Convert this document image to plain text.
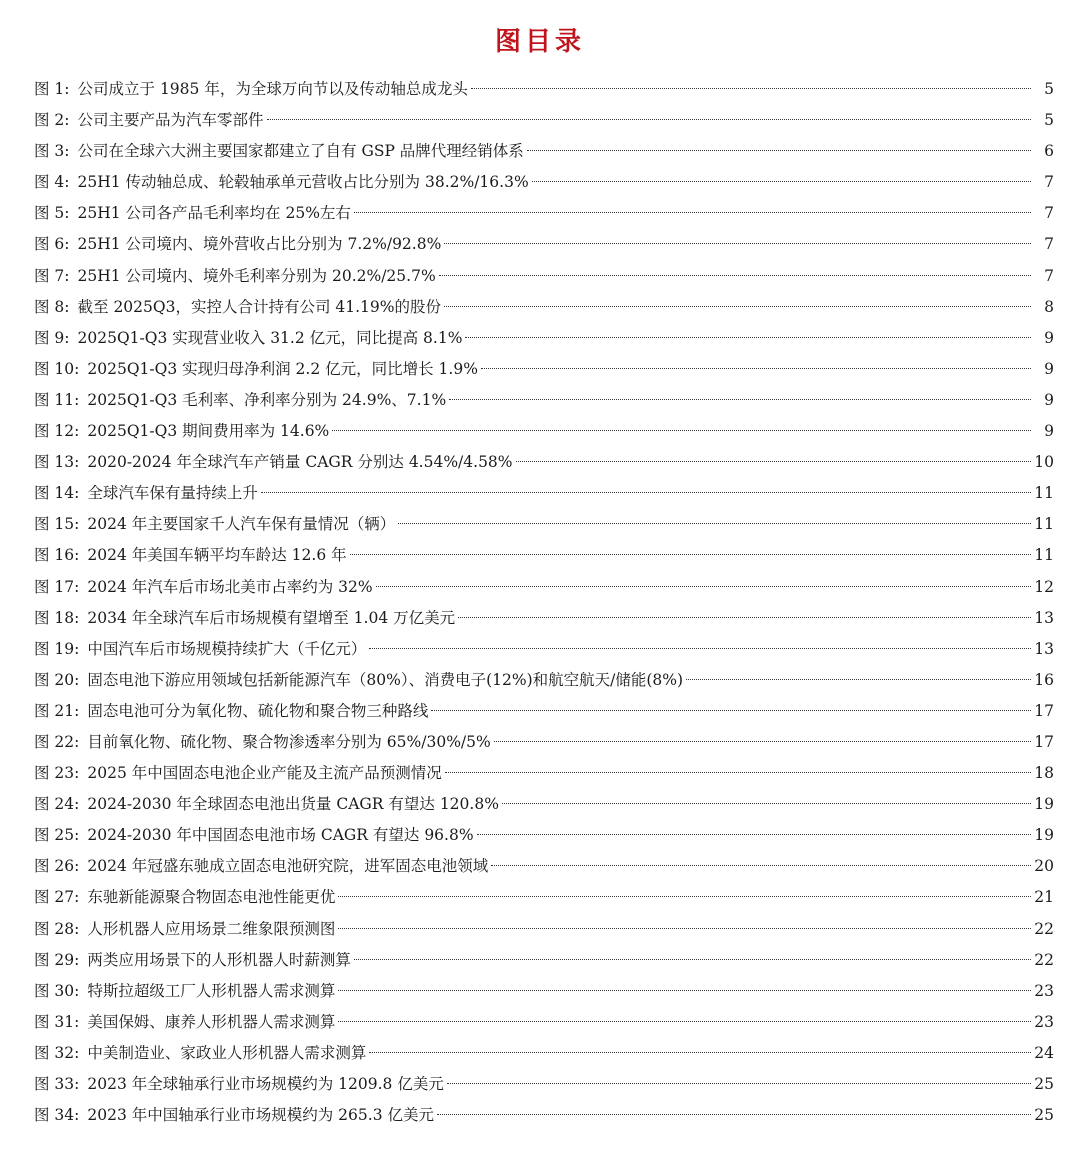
图目录
图 1: 公司成立于 1985 年，为全球万向节以及传动轴总成龙头	5
图 2: 公司主要产品为汽车零部件	5
图 3: 公司在全球六大洲主要国家都建立了自有 GSP 品牌代理经销体系	6
图 4: 25H1 传动轴总成、轮毂轴承单元营收占比分别为 38.2%/16.3%	7
图 5: 25H1 公司各产品毛利率均在 25%左右	7
图 6: 25H1 公司境内、境外营收占比分别为 7.2%/92.8%	7
图 7: 25H1 公司境内、境外毛利率分别为 20.2%/25.7%	7
图 8: 截至 2025Q3，实控人合计持有公司 41.19%的股份	8
图 9: 2025Q1-Q3 实现营业收入 31.2 亿元，同比提高 8.1%	9
图 10: 2025Q1-Q3 实现归母净利润 2.2 亿元，同比增长 1.9%	9
图 11: 2025Q1-Q3 毛利率、净利率分别为 24.9%、7.1%	9
图 12: 2025Q1-Q3 期间费用率为 14.6%	9
图 13: 2020-2024 年全球汽车产销量 CAGR 分别达 4.54%/4.58%	10
图 14: 全球汽车保有量持续上升	11
图 15: 2024 年主要国家千人汽车保有量情况（辆）	11
图 16: 2024 年美国车辆平均车龄达 12.6 年	11
图 17: 2024 年汽车后市场北美市占率约为 32%	12
图 18: 2034 年全球汽车后市场规模有望增至 1.04 万亿美元	13
图 19: 中国汽车后市场规模持续扩大（千亿元）	13
图 20: 固态电池下游应用领域包括新能源汽车（80%）、消费电子(12%)和航空航天/储能(8%)	16
图 21: 固态电池可分为氧化物、硫化物和聚合物三种路线	17
图 22: 目前氧化物、硫化物、聚合物渗透率分别为 65%/30%/5%	17
图 23: 2025 年中国固态电池企业产能及主流产品预测情况	18
图 24: 2024-2030 年全球固态电池出货量 CAGR 有望达 120.8%	19
图 25: 2024-2030 年中国固态电池市场 CAGR 有望达 96.8%	19
图 26: 2024 年冠盛东驰成立固态电池研究院，进军固态电池领域	20
图 27: 东驰新能源聚合物固态电池性能更优	21
图 28: 人形机器人应用场景二维象限预测图	22
图 29: 两类应用场景下的人形机器人时薪测算	22
图 30: 特斯拉超级工厂人形机器人需求测算	23
图 31: 美国保姆、康养人形机器人需求测算	23
图 32: 中美制造业、家政业人形机器人需求测算	24
图 33: 2023 年全球轴承行业市场规模约为 1209.8 亿美元	25
图 34: 2023 年中国轴承行业市场规模约为 265.3 亿美元	25
